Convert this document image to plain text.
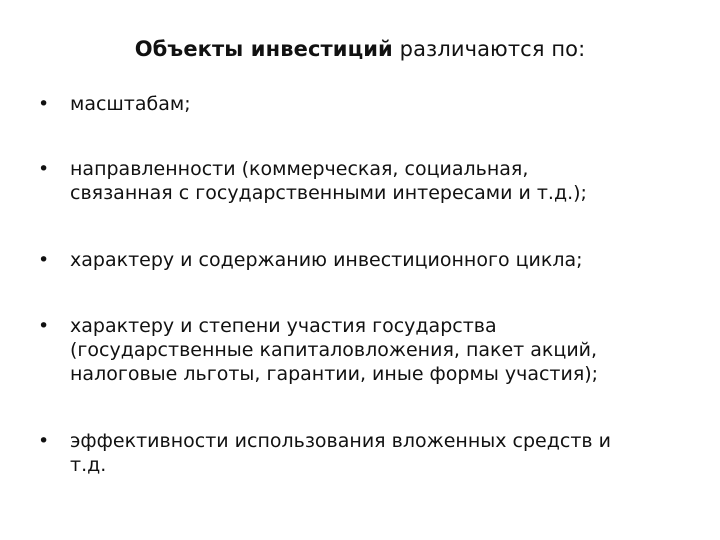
Объекты инвестиций различаются по:
•	масштабам;
•	направленности (коммерческая, социальная,
связанная с государственными интересами и т.д.);
•	характеру и содержанию инвестиционного цикла;
•	характеру и степени участия государства
(государственные капиталовложения, пакет акций,
налоговые льготы, гарантии, иные формы участия);
•	эффективности использования вложенных средств и
т.д.
